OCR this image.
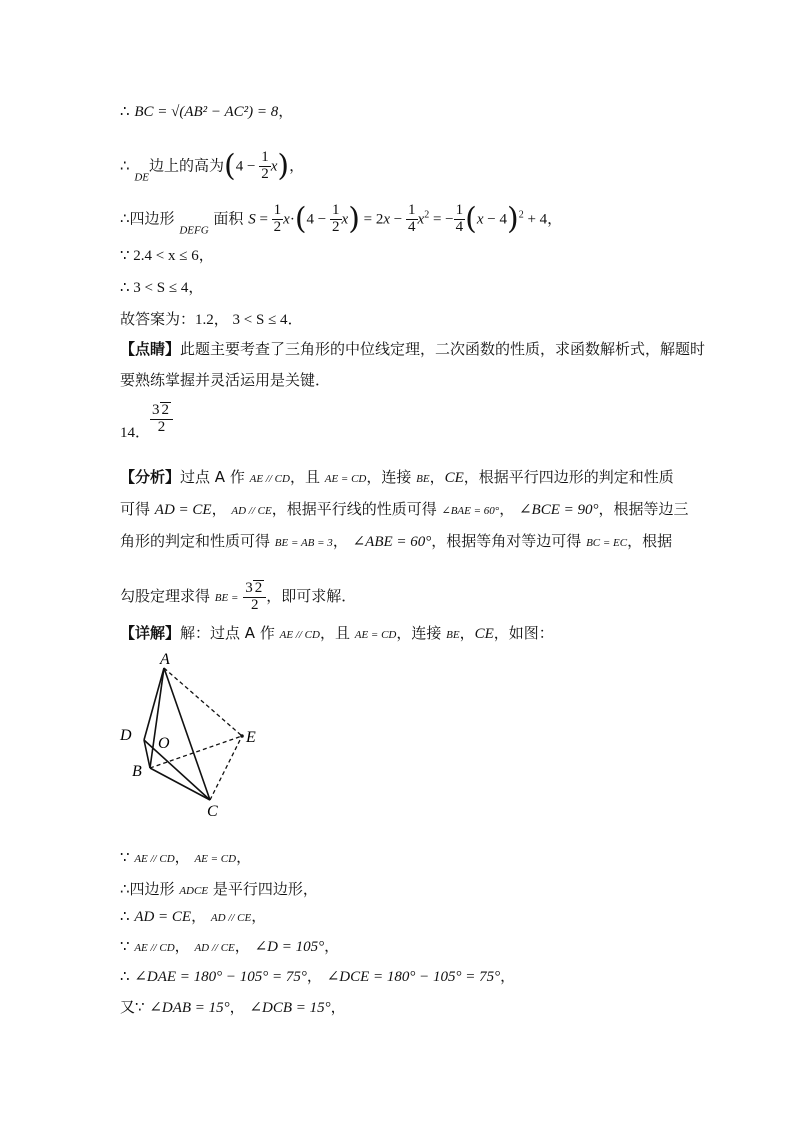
∴ BC = √(AB² − AC²) = 8，
∴ $_{DE}$边上的高为$(4 - \frac{1}{2} x)$，
∴四边形 $_{DEFG}$ 面积 $S = \frac{1}{2} x\cdot(4 - \frac{1}{2} x) = 2x - \frac{1}{4} x^2$ = − $\frac{1}{4} (x - 4)^2 + 4$，
∵ 2.4 < x ≤ 6，
∴ 3 < S ≤ 4，
故答案为：1.2， 3 < S ≤ 4．
【点睛】此题主要考查了三角形的中位线定理，二次函数的性质，求函数解析式，解题时
要熟练掌握并灵活运用是关键．
14． $\frac{3 2}{2}$
【分析】过点 A 作 AE // CD，且 AE = CD，连接 BE，CE，根据平行四边形的判定和性质
可得 AD = CE， AD // CE，根据平行线的性质可得 ∠BAE = 60°， ∠BCE = 90°，根据等边三
角形的判定和性质可得 BE = AB = 3， ∠ABE = 60°，根据等角对等边可得 BC = EC，根据
勾股定理求得 BE = $\frac{3 2}{2}$ ，即可求解．
【详解】解：过点 A 作 AE // CD，且 AE = CD，连接 BE，CE，如图：
A
D O	E
B
C
∵ AE // CD， AE = CD，
∴四边形 ADCE 是平行四边形，
∴ AD = CE， AD // CE，
∵ AE // CD， AD // CE， ∠D = 105°，
∴ ∠DAE = 180° − 105° = 75°， ∠DCE = 180° − 105° = 75°，
又∵ ∠DAB = 15°， ∠DCB = 15°，
